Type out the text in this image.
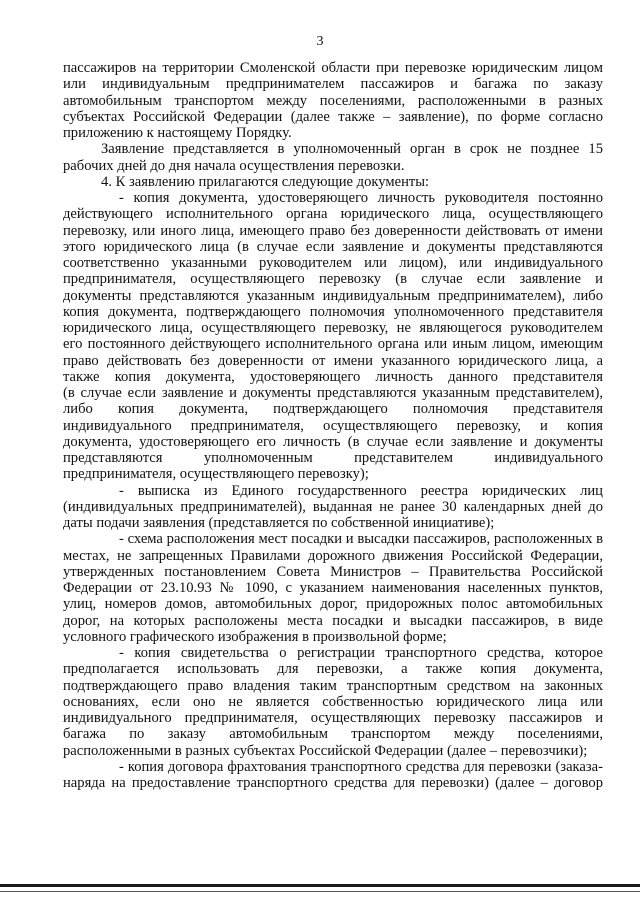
3
пассажиров на территории Смоленской области при перевозке юридическим лицом
или индивидуальным предпринимателем пассажиров и багажа по заказу
автомобильным транспортом между поселениями, расположенными в разных
субъектах Российской Федерации (далее также – заявление), по форме согласно
приложению к настоящему Порядку.
Заявление представляется в уполномоченный орган в срок не позднее 15
рабочих дней до дня начала осуществления перевозки.
4. К заявлению прилагаются следующие документы:
- копия документа, удостоверяющего личность руководителя постоянно
действующего исполнительного органа юридического лица, осуществляющего
перевозку, или иного лица, имеющего право без доверенности действовать от имени
этого юридического лица (в случае если заявление и документы представляются
соответственно указанными руководителем или лицом), или индивидуального
предпринимателя, осуществляющего перевозку (в случае если заявление и
документы представляются указанным индивидуальным предпринимателем), либо
копия документа, подтверждающего полномочия уполномоченного представителя
юридического лица, осуществляющего перевозку, не являющегося руководителем
его постоянного действующего исполнительного органа или иным лицом, имеющим
право действовать без доверенности от имени указанного юридического лица, а
также копия документа, удостоверяющего личность данного представителя
(в случае если заявление и документы представляются указанным представителем),
либо копия документа, подтверждающего полномочия представителя
индивидуального предпринимателя, осуществляющего перевозку, и копия
документа, удостоверяющего его личность (в случае если заявление и документы
представляются уполномоченным представителем индивидуального
предпринимателя, осуществляющего перевозку);
- выписка из Единого государственного реестра юридических лиц
(индивидуальных предпринимателей), выданная не ранее 30 календарных дней до
даты подачи заявления (представляется по собственной инициативе);
- схема расположения мест посадки и высадки пассажиров, расположенных в
местах, не запрещенных Правилами дорожного движения Российской Федерации,
утвержденных постановлением Совета Министров – Правительства Российской
Федерации от 23.10.93 № 1090, с указанием наименования населенных пунктов,
улиц, номеров домов, автомобильных дорог, придорожных полос автомобильных
дорог, на которых расположены места посадки и высадки пассажиров, в виде
условного графического изображения в произвольной форме;
- копия свидетельства о регистрации транспортного средства, которое
предполагается использовать для перевозки, а также копия документа,
подтверждающего право владения таким транспортным средством на законных
основаниях, если оно не является собственностью юридического лица или
индивидуального предпринимателя, осуществляющих перевозку пассажиров и
багажа по заказу автомобильным транспортом между поселениями,
расположенными в разных субъектах Российской Федерации (далее – перевозчики);
- копия договора фрахтования транспортного средства для перевозки (заказа-
наряда на предоставление транспортного средства для перевозки) (далее – договор
